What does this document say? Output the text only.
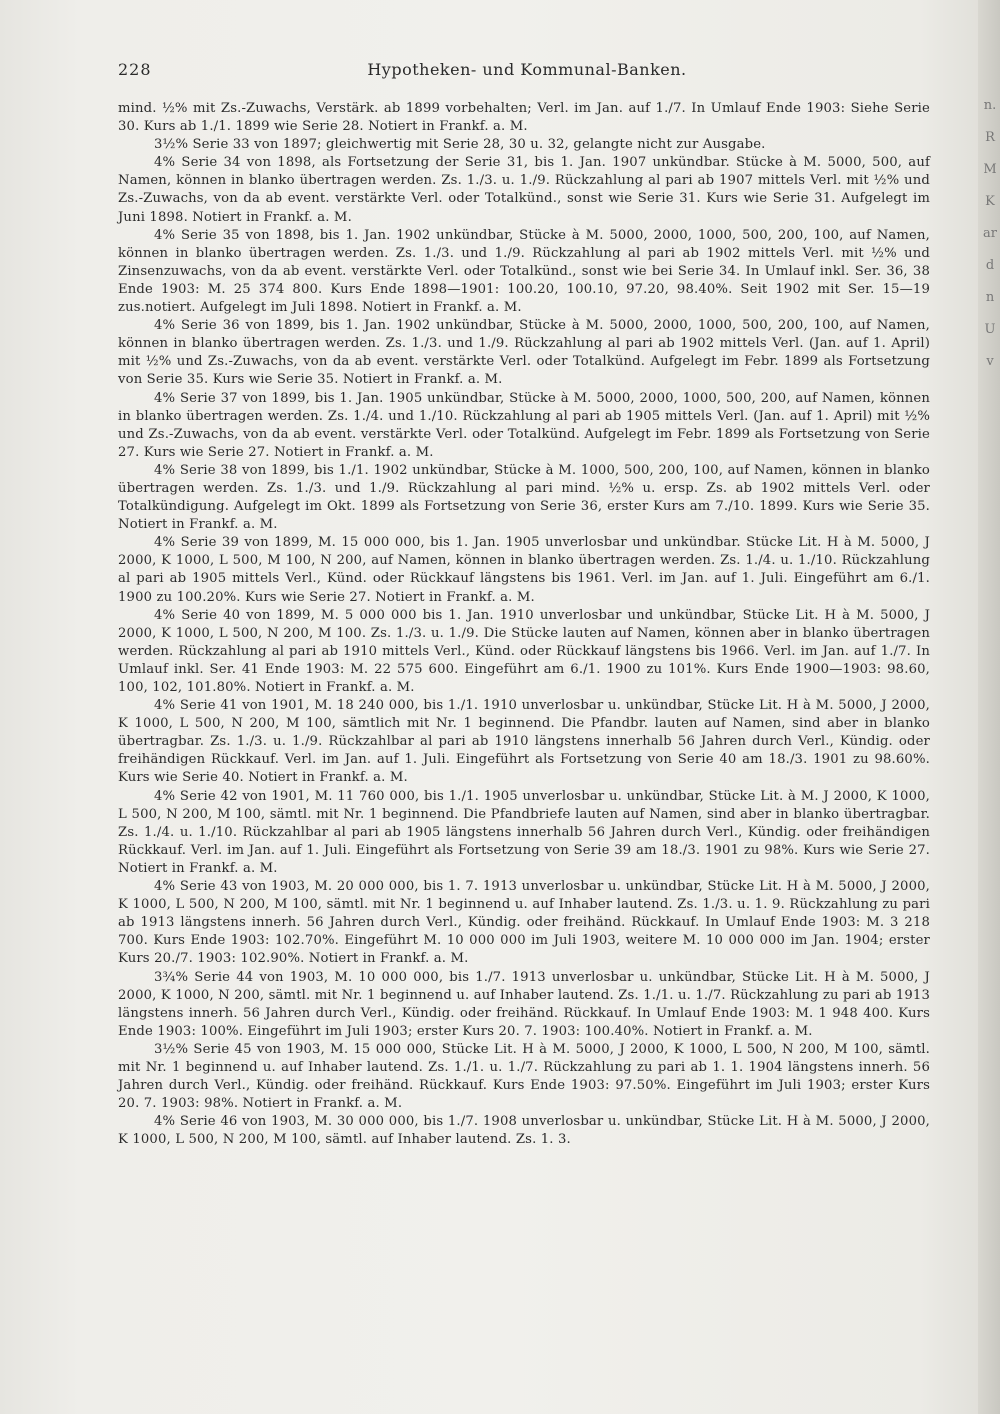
n.
R
M
K
ar
d
n
U
v
228	Hypotheken- und Kommunal-Banken.

mind. ½% mit Zs.-Zuwachs, Verstärk. ab 1899 vorbehalten; Verl. im Jan. auf 1./7. In Umlauf Ende 1903: Siehe Serie 30. Kurs ab 1./1. 1899 wie Serie 28. Notiert in Frankf. a. M.

3½% Serie 33 von 1897; gleichwertig mit Serie 28, 30 u. 32, gelangte nicht zur Ausgabe.

4% Serie 34 von 1898, als Fortsetzung der Serie 31, bis 1. Jan. 1907 unkündbar. Stücke à M. 5000, 500, auf Namen, können in blanko übertragen werden. Zs. 1./3. u. 1./9. Rückzahlung al pari ab 1907 mittels Verl. mit ½% und Zs.-Zuwachs, von da ab event. verstärkte Verl. oder Totalkünd., sonst wie Serie 31. Kurs wie Serie 31. Aufgelegt im Juni 1898. Notiert in Frankf. a. M.

4% Serie 35 von 1898, bis 1. Jan. 1902 unkündbar, Stücke à M. 5000, 2000, 1000, 500, 200, 100, auf Namen, können in blanko übertragen werden. Zs. 1./3. und 1./9. Rückzahlung al pari ab 1902 mittels Verl. mit ½% und Zinsenzuwachs, von da ab event. verstärkte Verl. oder Totalkünd., sonst wie bei Serie 34. In Umlauf inkl. Ser. 36, 38 Ende 1903: M. 25 374 800. Kurs Ende 1898—1901: 100.20, 100.10, 97.20, 98.40%. Seit 1902 mit Ser. 15—19 zus.notiert. Aufgelegt im Juli 1898. Notiert in Frankf. a. M.

4% Serie 36 von 1899, bis 1. Jan. 1902 unkündbar, Stücke à M. 5000, 2000, 1000, 500, 200, 100, auf Namen, können in blanko übertragen werden. Zs. 1./3. und 1./9. Rückzahlung al pari ab 1902 mittels Verl. (Jan. auf 1. April) mit ½% und Zs.-Zuwachs, von da ab event. verstärkte Verl. oder Totalkünd. Aufgelegt im Febr. 1899 als Fortsetzung von Serie 35. Kurs wie Serie 35. Notiert in Frankf. a. M.

4% Serie 37 von 1899, bis 1. Jan. 1905 unkündbar, Stücke à M. 5000, 2000, 1000, 500, 200, auf Namen, können in blanko übertragen werden. Zs. 1./4. und 1./10. Rückzahlung al pari ab 1905 mittels Verl. (Jan. auf 1. April) mit ½% und Zs.-Zuwachs, von da ab event. verstärkte Verl. oder Totalkünd. Aufgelegt im Febr. 1899 als Fortsetzung von Serie 27. Kurs wie Serie 27. Notiert in Frankf. a. M.

4% Serie 38 von 1899, bis 1./1. 1902 unkündbar, Stücke à M. 1000, 500, 200, 100, auf Namen, können in blanko übertragen werden. Zs. 1./3. und 1./9. Rückzahlung al pari mind. ½% u. ersp. Zs. ab 1902 mittels Verl. oder Totalkündigung. Aufgelegt im Okt. 1899 als Fortsetzung von Serie 36, erster Kurs am 7./10. 1899. Kurs wie Serie 35. Notiert in Frankf. a. M.

4% Serie 39 von 1899, M. 15 000 000, bis 1. Jan. 1905 unverlosbar und unkündbar. Stücke Lit. H à M. 5000, J 2000, K 1000, L 500, M 100, N 200, auf Namen, können in blanko übertragen werden. Zs. 1./4. u. 1./10. Rückzahlung al pari ab 1905 mittels Verl., Künd. oder Rückkauf längstens bis 1961. Verl. im Jan. auf 1. Juli. Eingeführt am 6./1. 1900 zu 100.20%. Kurs wie Serie 27. Notiert in Frankf. a. M.

4% Serie 40 von 1899, M. 5 000 000 bis 1. Jan. 1910 unverlosbar und unkündbar, Stücke Lit. H à M. 5000, J 2000, K 1000, L 500, N 200, M 100. Zs. 1./3. u. 1./9. Die Stücke lauten auf Namen, können aber in blanko übertragen werden. Rückzahlung al pari ab 1910 mittels Verl., Künd. oder Rückkauf längstens bis 1966. Verl. im Jan. auf 1./7. In Umlauf inkl. Ser. 41 Ende 1903: M. 22 575 600. Eingeführt am 6./1. 1900 zu 101%. Kurs Ende 1900—1903: 98.60, 100, 102, 101.80%. Notiert in Frankf. a. M.

4% Serie 41 von 1901, M. 18 240 000, bis 1./1. 1910 unverlosbar u. unkündbar, Stücke Lit. H à M. 5000, J 2000, K 1000, L 500, N 200, M 100, sämtlich mit Nr. 1 beginnend. Die Pfandbr. lauten auf Namen, sind aber in blanko übertragbar. Zs. 1./3. u. 1./9. Rückzahlbar al pari ab 1910 längstens innerhalb 56 Jahren durch Verl., Kündig. oder freihändigen Rückkauf. Verl. im Jan. auf 1. Juli. Eingeführt als Fortsetzung von Serie 40 am 18./3. 1901 zu 98.60%. Kurs wie Serie 40. Notiert in Frankf. a. M.

4% Serie 42 von 1901, M. 11 760 000, bis 1./1. 1905 unverlosbar u. unkündbar, Stücke Lit. à M. J 2000, K 1000, L 500, N 200, M 100, sämtl. mit Nr. 1 beginnend. Die Pfandbriefe lauten auf Namen, sind aber in blanko übertragbar. Zs. 1./4. u. 1./10. Rückzahlbar al pari ab 1905 längstens innerhalb 56 Jahren durch Verl., Kündig. oder freihändigen Rückkauf. Verl. im Jan. auf 1. Juli. Eingeführt als Fortsetzung von Serie 39 am 18./3. 1901 zu 98%. Kurs wie Serie 27. Notiert in Frankf. a. M.

4% Serie 43 von 1903, M. 20 000 000, bis 1. 7. 1913 unverlosbar u. unkündbar, Stücke Lit. H à M. 5000, J 2000, K 1000, L 500, N 200, M 100, sämtl. mit Nr. 1 beginnend u. auf Inhaber lautend. Zs. 1./3. u. 1. 9. Rückzahlung zu pari ab 1913 längstens innerh. 56 Jahren durch Verl., Kündig. oder freihänd. Rückkauf. In Umlauf Ende 1903: M. 3 218 700. Kurs Ende 1903: 102.70%. Eingeführt M. 10 000 000 im Juli 1903, weitere M. 10 000 000 im Jan. 1904; erster Kurs 20./7. 1903: 102.90%. Notiert in Frankf. a. M.

3¾% Serie 44 von 1903, M. 10 000 000, bis 1./7. 1913 unverlosbar u. unkündbar, Stücke Lit. H à M. 5000, J 2000, K 1000, N 200, sämtl. mit Nr. 1 beginnend u. auf Inhaber lautend. Zs. 1./1. u. 1./7. Rückzahlung zu pari ab 1913 längstens innerh. 56 Jahren durch Verl., Kündig. oder freihänd. Rückkauf. In Umlauf Ende 1903: M. 1 948 400. Kurs Ende 1903: 100%. Eingeführt im Juli 1903; erster Kurs 20. 7. 1903: 100.40%. Notiert in Frankf. a. M.

3½% Serie 45 von 1903, M. 15 000 000, Stücke Lit. H à M. 5000, J 2000, K 1000, L 500, N 200, M 100, sämtl. mit Nr. 1 beginnend u. auf Inhaber lautend. Zs. 1./1. u. 1./7. Rückzahlung zu pari ab 1. 1. 1904 längstens innerh. 56 Jahren durch Verl., Kündig. oder freihänd. Rückkauf. Kurs Ende 1903: 97.50%. Eingeführt im Juli 1903; erster Kurs 20. 7. 1903: 98%. Notiert in Frankf. a. M.

4% Serie 46 von 1903, M. 30 000 000, bis 1./7. 1908 unverlosbar u. unkündbar, Stücke Lit. H à M. 5000, J 2000, K 1000, L 500, N 200, M 100, sämtl. auf Inhaber lautend. Zs. 1. 3.
